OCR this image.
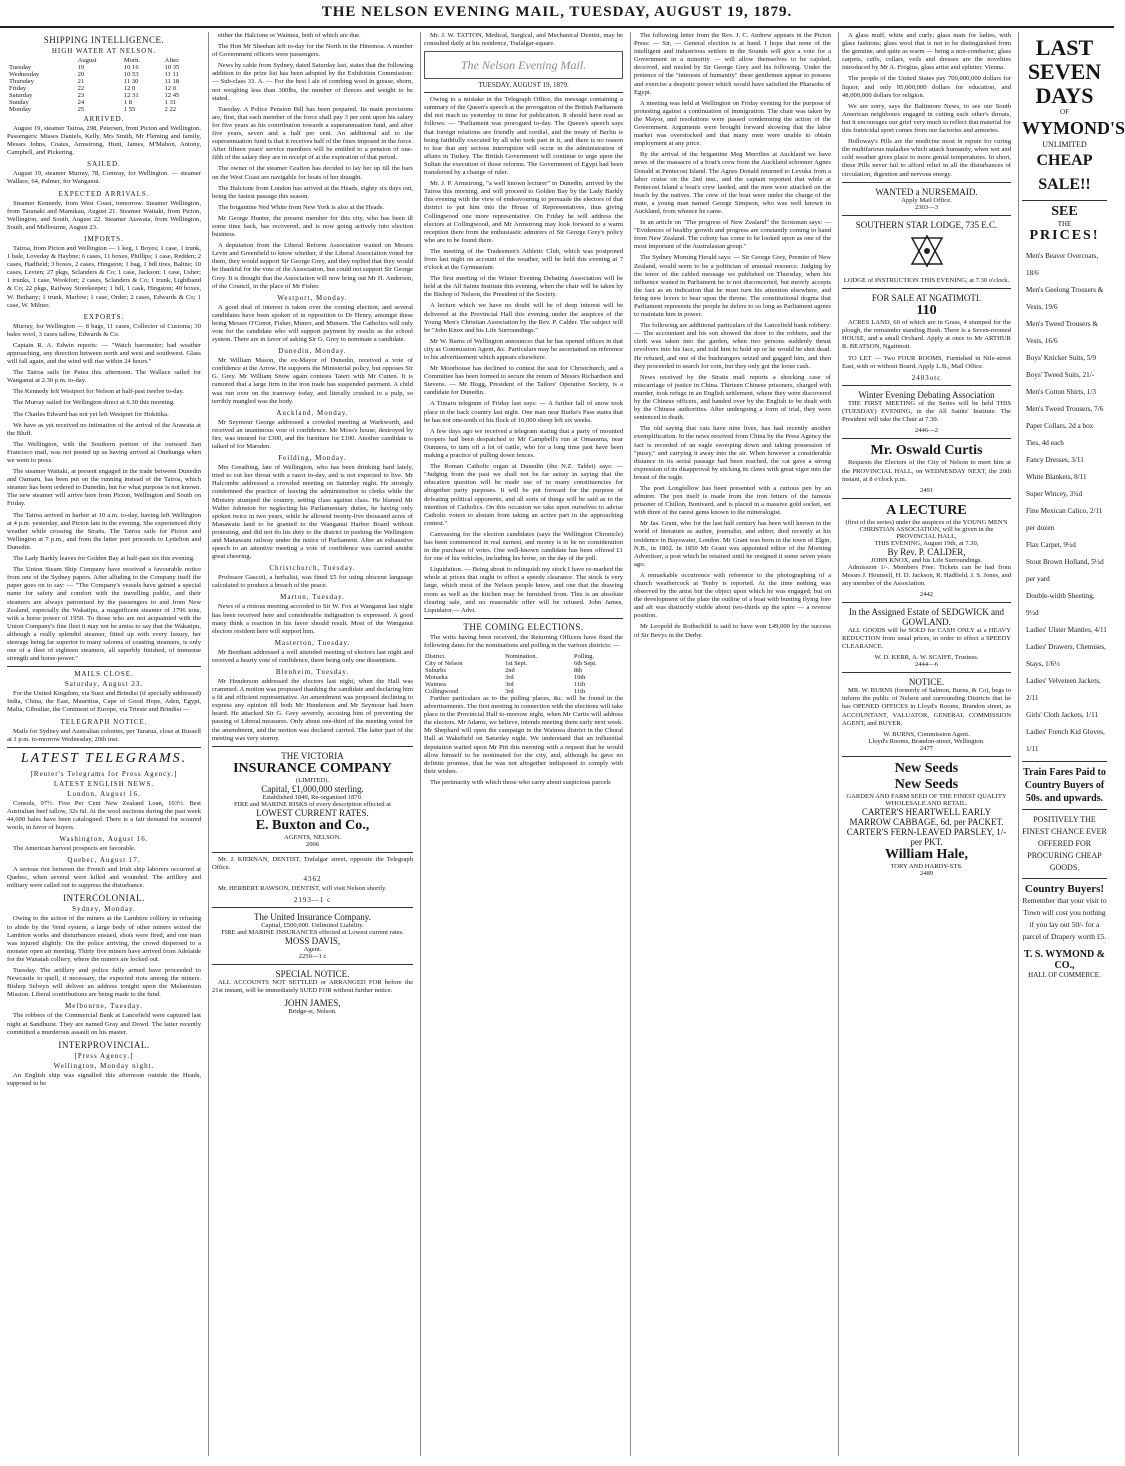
THE NELSON EVENING MAIL, TUESDAY, AUGUST 19, 1879.
SHIPPING INTELLIGENCE.
HIGH WATER AT NELSON.
	August	Morn.	After.
Tuesday	19	10 16	10 35
Wednesday	20	10 53	11 11
Thursday	21	11 30	11 18
Friday	22	12 0	12 0
Saturday	23	12 31	12 45
Sunday	24	1 8	1 31
Monday	25	1 55	2 22
ARRIVED.

August 19, steamer Tairoa, 298, Petersen, from Picton and Wellington. Passengers: Misses Daniels, Kelly, Mrs Smith, Mr Fleming and family, Messrs Johns, Coates, Armstrong, Hunt, James, M'Mahon, Antony, Campbell, and Pickering.

SAILED.

August 19, steamer Murray, 78, Conway, for Wellington. — steamer Wallace, 64, Palmer, for Wanganui.

EXPECTED ARRIVALS.

Steamer Kennedy, from West Coast, tomorrow. Steamer Wellington, from Taranaki and Manukau, August 21. Steamer Waitaki, from Picton, Wellington, and South, August 22. Steamer Atawata, from Wellington, South, and Melbourne, August 23.

IMPORTS.

Tairoa, from Picton and Wellington — 1 keg, 1 Boyes; 1 case, 1 trunk, 1 bale, Loveday & Haybne; 6 cases, 11 boxes, Phillips; 1 case, Redden; 2 cases, Hadfield; 3 boxes, 2 cases, Hingston; 1 bag, 1 bdl tires, Baline; 10 cases, Levien; 27 pkgs, Sclanders & Co; 1 case, Jackson; 1 case, Usher; 1 trunks, 1 case, Wookfort; 2 cases, Sclanders & Co; 1 trunk, Lightband & Co; 22 pkgs, Railway Storekeeper; 1 bdl, 1 cask, Hingston; 40 boxes, W. Bethany; 1 trunk, Marlow; 1 case, Order; 2 cases, Edwards & Co; 1 case, W. Milner.

EXPORTS.

Murray, for Wellington — 8 bags, 11 cases, Collector of Customs; 30 bales wool, 3 cases tallow, Edwards & Co.

Captain R. A. Edwin reports: — "Watch barometer; bad weather approaching, any direction between north and west and southwest. Glass will fall again, and the wind will rise within 24 hours."

The Tairoa sails for Patea this afternoon. The Wallace sailed for Wanganui at 2.30 p.m. to-day.

The Kennedy left Westport for Nelson at half-past twelve to-day.

The Murray sailed for Wellington direct at 6.30 this morning.

The Charles Edward has not yet left Westport for Hokitika.

We have as yet received no intimation of the arrival of the Arawata at the Bluff.

The Wellington, with the Southern portion of the outward San Francisco mail, was not posted up as having arrived at Onehunga when we went to press.

The steamer Waitaki, at present engaged in the trade between Dunedin and Oamaru, has been put on the running instead of the Tairoa, which steamer has been ordered to Dunedin, but for what purpose is not known. The new steamer will arrive here from Picton, Wellington and South on Friday.

The Tairoa arrived in harbor at 10 a.m. to-day, having left Wellington at 4 p.m. yesterday, and Picton late in the evening. She experienced dirty weather while crossing the Straits. The Tairoa sails for Picton and Wellington at 7 p.m., and from the latter port proceeds to Lyttelton and Dunedin.

The Lady Barkly leaves for Golden Bay at half-past six this evening.

The Union Steam Ship Company have received a favourable notice from one of the Sydney papers. After alluding to the Company itself the paper goes on to say: — "The Company's vessels have gained a special name for safety and comfort with the travelling public, and their steamers are always patronised by the passengers to and from New Zealand, especially the Wakatipu, a magnificent steamer of 1796 tons, with a horse power of 1950. To those who are not acquainted with the Union Company's fine fleet it may not be amiss to say that the Wakatipu, although a really splendid steamer, fitted up with every luxury, her steerage being far superior to many saloons of coasting steamers, is only one of a fleet of eighteen steamers, all superbly finished, of immense strength and horse-power."

MAILS CLOSE.
Saturday, August 23.

For the United Kingdom, via Suez and Brindisi (if specially addressed) India, China, the East, Mauritius, Cape of Good Hope, Aden, Egypt, Malta, Gibraltar, the Continent of Europe, via Trieste and Brindisi —

TELEGRAPH NOTICE.

Mails for Sydney and Australian colonies, per Tararua, close at Russell at 1 p.m. to-morrow Wednesday, 20th inst.

LATEST TELEGRAMS.
[Reuter's Telegrams for Press Agency.]
LATEST ENGLISH NEWS.
London, August 16.

Consols, 97½. Five Per Cent New Zealand Loan, 103½. Best Australian beef tallow, 32s 6d. At the wool auctions during the past week 44,600 bales have been catalogued. There is a fair demand for scoured wools, in favor of buyers.

Washington, August 16.

The American harvest prospects are favorable.

Quebec, August 17.

A serious riot between the French and Irish ship laborers occurred at Quebec, when several were killed and wounded. The artillery and military were called out to suppress the disturbance.

INTERCOLONIAL.
Sydney, Monday.

Owing to the action of the miners at the Lambton colliery in refusing to abide by the Vend system, a large body of other miners seized the Lambton works and disturbances ensued, shots were fired, and one man was injured slightly. On the police arriving, the crowd dispersed to a monster open air meeting. Thirty five miners have arrived from Adelaide for the Wanatah colliery, where the miners are locked out.

Tuesday. The artillery and police fully armed have proceeded to Newcastle to quell, if necessary, the expected riots among the miners. Bishop Selwyn will deliver an address tonight upon the Melanesian Mission. Liberal contributions are being made to the fund.

Melbourne, Tuesday.

The robbers of the Commercial Bank at Lancefield were captured last night at Sandhurst. They are named Gray and Dowd. The latter recently committed a murderous assault on his master.

INTERPROVINCIAL.
[Press Agency.]
Wellington, Monday night.

An English ship was signalled this afternoon outside the Heads, supposed to be

either the Halcione or Waimea, both of which are due.

The Hon Mr Sheehan left to-day for the North in the Hinemoa. A number of Government officers were passengers.

News by cable from Sydney, dated Saturday last, states that the following addition to the prize list has been adopted by the Exhibition Commission: — Sub-class 33. A. — For the best l ale of combing wool in grease, shorn, not weighing less than 300lbs, the number of fleeces and weight to be stated.

Tuesday. A Police Pension Bill has been prepared. Its main provisions are, first, that each member of the force shall pay 3 per cent upon his salary for five years as his contribution towards a superannuation fund, and after five years, seven and a half per cent. An additional aid to the superannuation fund is that it receives half of the fines imposed in the force. After fifteen years' service members will be entitled to a pension of one-fifth of the salary they are in receipt of at the expiration of that period.

The owner of the steamer Grafton has decided to lay her up till the bars on the West Coast are navigable for boats of her draught.

The Halcione from London has arrived at the Heads, eighty six days out, being the fastest passage this season.

The brigantine Ned White from New York is also at the Heads.

Mr George Hunter, the present member for this city, who has been ill some time back, has recovered, and is now going actively into election business.

A deputation from the Liberal Reform Association waited on Messrs Levin and Greenfield to know whether, if the Liberal Association voted for them, they would support Sir George Grey, and they replied that they would be thankful for the vote of the Association, but could not support Sir George Grey. It is thought that the Association will now bring out Mr H. Anderson, of the Council, in the place of Mr Fisher.

Westport, Monday.

A good deal of interest is taken over the coming election, and several candidates have been spoken of in opposition to Dr Henry, amongst these being Messrs O'Conor, Fisher, Munro, and Munson. The Catholics will only vote for the candidate who will support payment by results as the school system. There are in favor of asking Sir G. Grey to nominate a candidate.

Dunedin, Monday.

Mr William Mason, the ex-Mayor of Dunedin, received a vote of confidence at the Arrow. He supports the Ministerial policy, but opposes Sir G. Grey. Mr William Snow again contests Taieri with Mr Cutten. It is rumored that a large firm in the iron trade has suspended payment. A child was run over on the tramway today, and literally crushed to a pulp, so terribly mangled was the body.

Auckland, Monday.

Mr Seymour George addressed a crowded meeting at Warkworth, and received an unanimous vote of confidence. Mr Moss's house, destroyed by fire, was insured for £300, and the furniture for £100. Another candidate is talked of for Marsden.

Feilding, Monday.

Mrs Greathing, late of Wellington, who has been drinking hard lately, tried to cut her throat with a razor to-day, and is not expected to live. Mr Halcombe addressed a crowded meeting on Saturday night. He strongly condemned the practice of leaving the administration to clerks while the Ministry stumped the country, setting class against class. He blamed Mr Walter Johnston for neglecting his Parliamentary duties, he having only spoken twice in two years, while he allowed twenty-five thousand acres of Manawatu land to be granted to the Wanganui Harbor Board without protesting, and did not do his duty to the district in pushing the Wellington and Manawatu railway under the notice of Parliament. After an exhaustive speech to an attentive meeting a vote of confidence was carried amidst great cheering.

Christchurch, Tuesday.

Professor Gascoit, a herbalist, was fined £5 for using obscene language calculated to produce a breach of the peace.

Marton, Tuesday.

News of a riotous meeting accorded to Sir W. Fox at Wanganui last night has been received here and considerable indignation is expressed. A good many think a reaction in his favor should result. Most of the Wanganui electors resident here will support him.

Masterton, Tuesday.

Mr Beetham addressed a well attended meeting of electors last night and received a hearty vote of confidence, there being only one dissentient.

Blenheim, Tuesday.

Mr Henderson addressed the electors last night, when the Hall was crammed. A motion was proposed thanking the candidate and declaring him a fit and efficient representative. An amendment was proposed declining to express any opinion till both Mr Henderson and Mr Seymour had been heard. He attacked Sir G. Grey severely, accusing him of preventing the passing of Liberal measures. Only about one-third of the meeting voted for the amendment, and the motion was declared carried. The latter part of the meeting was very stormy.

THE VICTORIA
INSURANCE COMPANY
(LIMITED).
Capital, £1,000,000 sterling.
Established 1849, Re-organised 1870.
FIRE and MARINE RISKS of every description effected at
LOWEST CURRENT RATES.
E. Buxton and Co.,
AGENTS, NELSON.
2066

Mr. J. KIERNAN, DENTIST, Trafalgar street, opposite the Telegraph Office.

4362

Mr. HERBERT RAWSON, DENTIST, will visit Nelson shortly.

2193—1 c
The United Insurance Company.
Capital, £500,000. Unlimited Liability.
FIRE and MARINE INSURANCES effected at Lowest current rates.
MOSS DAVIS,
Agent.
2250—1 c
SPECIAL NOTICE.

ALL ACCOUNTS NOT SETTLED or ARRANGED FOR before the 21st instant, will be immediately SUED FOR without further notice.

JOHN JAMES,
Bridge-st, Nelson.

Mr. J. W. TATTON, Medical, Surgical, and Mechanical Dentist, may be consulted daily at his residence, Trafalgar-square.

The Nelson Evening Mail.
TUESDAY, AUGUST 19, 1879.

Owing to a mistake in the Telegraph Office, the message containing a summary of the Queen's speech at the prorogation of the British Parliament did not reach us yesterday in time for publication. It should have read as follows: — "Parliament was prorogued to-day. The Queen's speech says that foreign relations are friendly and cordial, and the treaty of Berlin is being faithfully executed by all who took part in it, and there is no reason to fear that any serious interruption will occur in the administration of affairs in Turkey. The British Government will continue to urge upon the Sultan the execution of those reforms. The Government of Egypt had been transferred by a change of ruler.

Mr. J. P. Armstrong, "a well known lecturer" in Dunedin, arrived by the Tairoa this morning, and will proceed to Golden Bay by the Lady Barkly this evening with the view of endeavouring to persuade the electors of that district to put him into the House of Representatives, thus giving Collingwood one more representative. On Friday he will address the electors at Collingwood, and Mr Armstrong may look forward to a warm reception there from the enthusiastic admirers of Sir George Grey's policy who are to be found there.

The meeting of the Tradesmen's Athletic Club, which was postponed from last night on account of the weather, will be held this evening at 7 o'clock at the Gymnasium.

The first meeting of the Winter Evening Debating Association will be held at the All Saints Institute this evening, when the chair will be taken by the Bishop of Nelson, the President of the Society.

A lecture which we have no doubt will be of deep interest will be delivered at the Provincial Hall this evening under the auspices of the Young Men's Christian Association by the Rev. P. Calder. The subject will be "John Knox and his Life Surroundings."

Mr W. Burns of Wellington announces that he has opened offices in that city as Commission Agent, &c. Particulars may be ascertained on reference to his advertisement which appears elsewhere.

Mr Moorhouse has declined to contest the seat for Christchurch, and a Committee has been formed to secure the return of Messrs Richardson and Stevens. — Mr Hogg, President of the Tailors' Operative Society, is a candidate for Dunedin.

A Timaru telegram of Friday last says: — A further fall of snow took place in the back country last night. One man near Burke's Pass states that he has not one-tenth of his flock of 10,000 sheep left six weeks.

A few days ago we received a telegram stating that a party of mounted troopers had been despatched to Mr Campbell's run at Omarama, near Ounuera, to turn off a lot of cattle, who for a long time past have been making a practice of pulling down fences.

The Roman Catholic organ at Dunedin (the N.Z. Tablet) says: — "Judging from the past we shall not be far astray in saying that the education question will be made use of in many constituencies for altogether party purposes. It will be put forward for the purpose of defeating political opponents, and all sorts of things will be said as to the intention of Catholics. On this occasion we take upon ourselves to advise Catholic voters to abstain from taking an active part in the approaching contest."

Canvassing for the election candidates (says the Wellington Chronicle) has been commenced in real earnest, and money is to be no consideration in the purchase of votes. One well-known candidate has been offered £1 for one of his vehicles, including his horse, on the day of the poll.

Liquidation. — Being about to relinquish my stock I have re-marked the whole at prices that ought to effect a speedy clearance. The stock is very large, which most of the Nelson people know, and one that the drawing room as well as the kitchen may be furnished from. This is an absolute clearing sale, and no reasonable offer will be refused. John James, Liquidator.— Advt.

THE COMING ELECTIONS.

The writs having been received, the Returning Officers have fixed the following dates for the nominations and polling in the various districts: —

District.	Nomination.	Polling.
City of Nelson	1st Sept.	6th Sept.
Suburbs	2nd	8th
Motueka	3rd	10th
Waimea	3rd	11th
Collingwood	3rd	11th

Further particulars as to the polling places, &c. will be found in the advertisements. The first meeting in connection with the elections will take place in the Provincial Hall to-morrow night, when Mr Curtis will address the electors. Mr Adams, we believe, intends meeting them early next week. Mr Shephard will open the campaign in the Waimea district in the Choral Hall at Wakefield on Saturday night. We understand that an influential deputation waited upon Mr Pitt this morning with a request that he would allow himself to be nominated for the city, and, although he gave no definite promise, that he was not altogether indisposed to comply with their wishes.

The pertinacity with which those who carry about suspicious parcels

The following letter from the Rev. J. C. Andrew appears in the Picton Press: — Sir, — General election is at hand. I hope that none of the intelligent and industrious settlers in the Sounds will give a vote for a Government in a minority — will allow themselves to be cajoled, deceived, and misled by Sir George Grey and his following. Under the pretence of the "interests of humanity" these gentlemen appear to possess and exercise a despotic power which would have satisfied the Pharaohs of Egypt.

A meeting was held at Wellington on Friday evening for the purpose of protesting against a continuation of immigration. The chair was taken by the Mayor, and resolutions were passed condemning the action of the Government. Arguments were brought forward showing that the labor market was overstocked and that many men were unable to obtain employment at any price.

By the arrival of the brigantine Meg Merrilies at Auckland we have news of the massacre of a boat's crew from the Auckland schooner Agnes Donald at Pentecost Island. The Agnes Donald returned to Levuka from a labor cruise on the 2nd inst., and the captain reported that while at Pentecost Island a boat's crew landed, and the men were attacked on the beach by the natives. The crew of the boat were under the charge of the mate, a young man named George Simpson, who was well known in Auckland, from whence he came.

In an article on "The progress of New Zealand" the Scotsman says: — "Evidences of healthy growth and progress are constantly coming to hand from New Zealand. The colony has come to be looked upon as one of the most important of the Australasian group."

The Sydney Morning Herald says: — Sir George Grey, Premier of New Zealand, would seem to be a politician of unusual resource. Judging by the tenor of the cabled message we published on Thursday, when his influence waned in Parliament he is not disconcerted, but merely accepts the fact as an indication that he must turn his attention elsewhere, and bring new levers to bear upon the throne. The constitutional dogma that Parliament represents the people he defers to so long as Parliament agrees to maintain him in power.

The following are additional particulars of the Lancefield bank robbery: — The accountant and his son showed the door to the robbers, and the clerk was taken into the garden, when two persons suddenly thrust revolvers into his face, and told him to hold up or he would be shot dead. He refused, and one of the bushrangers seized and gagged him, and then they proceeded to search for coin, but they only got the loose cash.

News received by the Straits mail reports a shocking case of miscarriage of justice in China. Thirteen Chinese prisoners, charged with murder, took refuge in an English settlement, where they were discovered by the Chinese officers, and handed over by the English to be dealt with by the Chinese authorities. After undergoing a form of trial, they were sentenced to death.

The old saying that cats have nine lives, has had recently another exemplification. In the news received from China by the Press Agency the fact is recorded of an eagle swooping down and taking possession of "pussy," and carrying it away into the air. When however a considerable distance in its aerial passage had been reached, the cat gave a strong expression of its disapproval by sticking its claws with great vigor into the breast of the eagle.

The poet Longfellow has been presented with a curious pen by an admirer. The pen itself is made from the iron fetters of the famous prisoner of Chillon, Bonivard, and is placed in a massive gold socket, set with three of the rarest gems known to the mineralogist.

Mr Jas. Grant, who for the last half century has been well known in the world of literature as author, journalist, and editor, died recently at his residence in Bayswater, London. Mr Grant was born in the town of Elgin, N.B., in 1802. In 1850 Mr Grant was appointed editor of the Morning Advertiser, a post which he retained until he resigned it some seven years ago.

A remarkable occurrence with reference to the photographing of a church weathercock at Tenby is reported. At the time nothing was observed by the artist but the object upon which he was engaged; but on the development of the plate the outline of a boat with bunting flying fore and aft was distinctly visible about two-thirds up the spire — a reverse position.

Mr Leopold de Rothschild is said to have won £49,000 by the success of Sir Bevys in the Derby.

A glass muff, white and curly; glass mats for ladies, with glass fashions; glass wool that is not to be distinguished from the genuine, and quite as warm — being a non-conductor; glass carpets, cuffs, collars, veils and dresses are the novelties introduced by Mr A. Frogius, glass artist and splinter, Vienna.

The people of the United States pay 700,000,000 dollars for liquor, and only 95,000,000 dollars for education, and 48,000,000 dollars for religion.

We are sorry, says the Baltimore News, to see our South American neighbours engaged in cutting each other's throats, but it encourages our grief very much to reflect that material for this fratricidal sport comes from our factories and armories.

Holloway's Pills are the medicine most in repute for curing the multifarious maladies which attack humanity, when wet and cold weather gives place to more genial temperatures. In short, these Pills never fail to afford relief in all the disturbances of circulation, digestion and nervous energy.

WANTED a NURSEMAID.
Apply Mail Office.
2303—3
SOUTHERN STAR LODGE, 735 E.C.
LODGE of INSTRUCTION THIS EVENING, at 7.30 o'clock.
FOR SALE AT NGATIMOTI.
110

ACRES LAND, 60 of which are in Grass, 4 stumped for the plough, the remainder standing Bush. There is a Seven-roomed HOUSE, and a small Orchard. Apply at once to Mr ARTHUR R. BEATSON, Ngatimoti.

TO LET — Two FOUR ROOMS, Furnished in Nile-street East, with or without Board. Apply L.B., Mail Office.

2403otc
Winter Evening Debating Association

THE FIRST MEETING of the Series will be held THIS (TUESDAY) EVENING, in the All Saints' Institute. The President will take the Chair at 7.30.

2446—2
Mr. Oswald Curtis

Requests the Electors of the City of Nelson to meet him at the PROVINCIAL HALL, on WEDNESDAY NEXT, the 20th instant, at 8 o'clock p.m.

2491
A LECTURE
(first of the series) under the auspices of the YOUNG MEN'S CHRISTIAN ASSOCIATION, will be given in the PROVINCIAL HALL,
THIS EVENING, August 19th, at 7.30,
By Rev. P. CALDER,
JOHN KNOX, and his Life Surroundings.

Admission 1/-. Members Free. Tickets can be had from Messrs J. Hounsell, H. D. Jackson, R. Hadfield, J. S. Jones, and any member of the Association.

2442
In the Assigned Estate of SEDGWICK and GOWLAND.

ALL GOODS will be SOLD for CASH ONLY at a HEAVY REDUCTION from usual prices, in order to effect a SPEEDY CLEARANCE.

W. D. KERR, A. W. SCAIFE, Trustees.
2444—6
NOTICE.

MR. W. BURNS (formerly of Salmon, Burns, & Co), begs to inform the public of Nelson and surrounding Districts that he has OPENED OFFICES in Lloyd's Rooms, Brandon street, as ACCOUNTANT, VALUATOR, GENERAL COMMISSION AGENT, and BUYER.

W. BURNS, Commission Agent.
Lloyd's Rooms, Brandon-street, Wellington.
2477
New Seeds
New Seeds
GARDEN AND FARM SEED OF THE FINEST QUALITY WHOLESALE AND RETAIL.
CARTER'S HEARTWELL EARLY MARROW CABBAGE, 6d. per PACKET.
CARTER'S FERN-LEAVED PARSLEY, 1/- per PKT.
William Hale,
TORY AND HARDY-STS.
2489
LAST
SEVEN DAYS
OF
WYMOND'S
UNLIMITED
CHEAP SALE!!
SEE
THE
PRICES!
Men's Beaver Overcoats, 18/6
Men's Geelong Trousers & Vests, 19/6
Men's Tweed Trousers & Vests, 16/6
Boys' Knicker Suits, 5/9
Boys' Tweed Suits, 21/-
Men's Cotton Shirts, 1/3
Men's Tweed Trousers, 7/6
Paper Collars, 2d a box
Ties, 4d each
Fancy Dresses, 3/11
White Blankets, 8/11
Super Wincey, 3¾d
Fine Mexican Calico, 2/11 per dozen
Flax Carpet, 9½d
Stout Brown Holland, 5½d per yard
Double-width Sheeting, 9½d
Ladies' Ulster Mantles, 4/11
Ladies' Drawers, Chemises, Stays, 1/6½
Ladies' Velveteen Jackets, 2/11
Girls' Cloth Jackets, 1/11
Ladies' French Kid Gloves, 1/11
Train Fares Paid to Country Buyers of 50s. and upwards.
POSITIVELY THE FINEST CHANCE EVER OFFERED FOR PROCURING CHEAP GOODS.
Country Buyers!
Remember that your visit to Town will cost you nothing if you lay out 50/- for a parcel of Drapery worth £5.
T. S. WYMOND & CO.,
HALL OF COMMERCE.
